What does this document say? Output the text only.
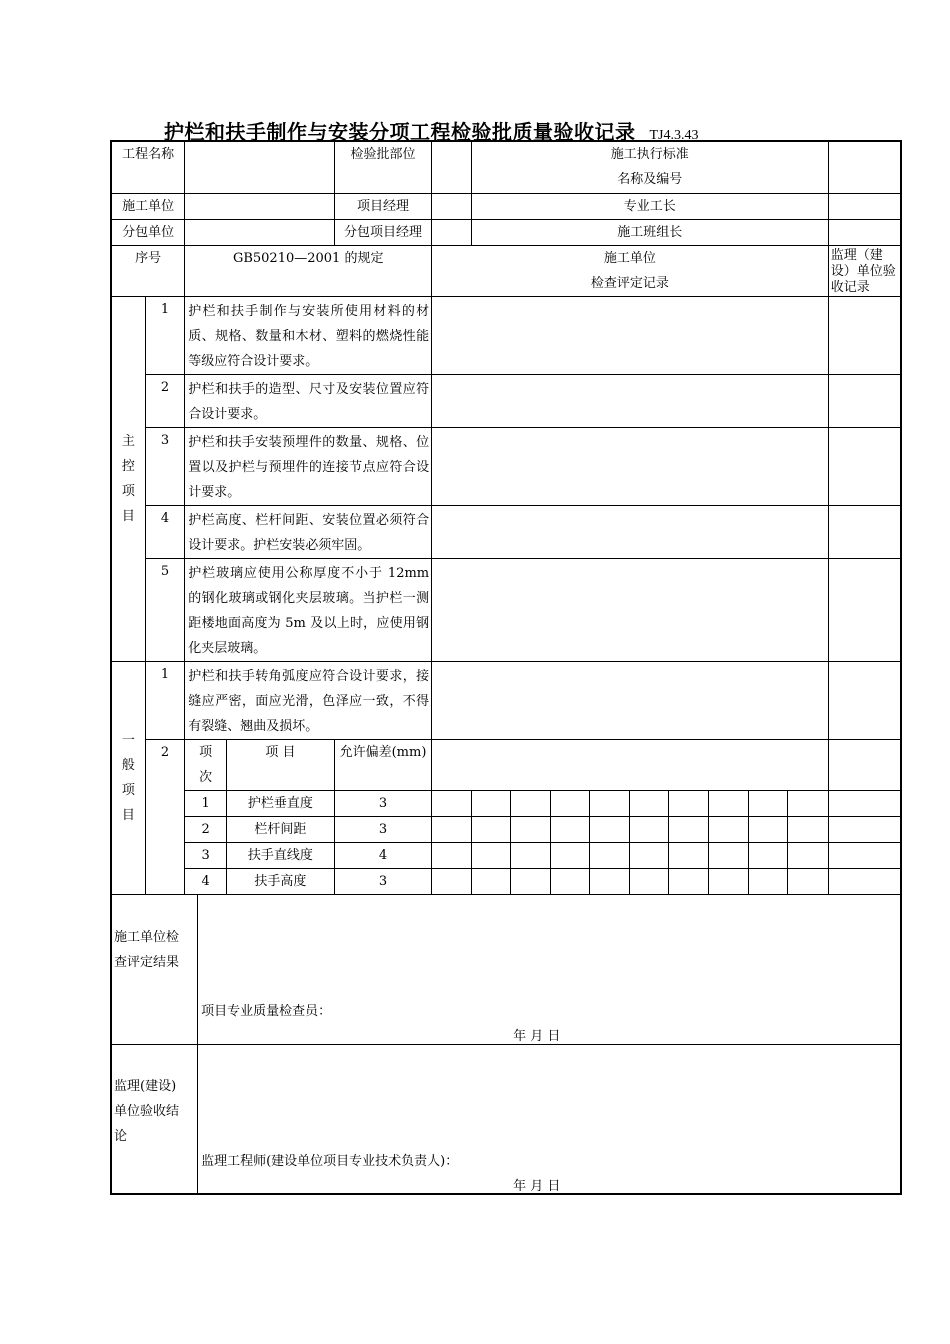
护栏和扶手制作与安装分项工程检验批质量验收记录 TJ4.3.43
工程名称					检验批部位		施工执行标准
名称及编号									

施工单位					项目经理		专业工长									
分包单位					分包项目经理		施工班组长									
序号		GB50210—2001 的规定				施工单位
检查评定记录										监理（建设）单位验收记录

主控项目	1	护栏和扶手制作与安装所使用材料的材质、规格、数量和木材、塑料的燃烧性能等级应符合设计要求。														
	2	护栏和扶手的造型、尺寸及安装位置应符合设计要求。														
	3	护栏和扶手安装预埋件的数量、规格、位置以及护栏与预埋件的连接节点应符合设计要求。														
	4	护栏高度、栏杆间距、安装位置必须符合设计要求。护栏安装必须牢固。														
	5	护栏玻璃应使用公称厚度不小于 12mm 的钢化玻璃或钢化夹层玻璃。当护栏一测距楼地面高度为 5m 及以上时，应使用钢化夹层玻璃。														

一般项目	1	护栏和扶手转角弧度应符合设计要求，接缝应严密，面应光滑，色泽应一致，不得有裂缝、翘曲及损坏。														
	2	项次		项 目	允许偏差(mm)											
		1		护栏垂直度	3											
		2		栏杆间距	3											
		3		扶手直线度	4											
		4		扶手高度	3											

施工单位检查评定结果			项目专业质量检查员：
年 月 日													

监理(建设)单位验收结论			监理工程师(建设单位项目专业技术负责人)：
年 月 日													
